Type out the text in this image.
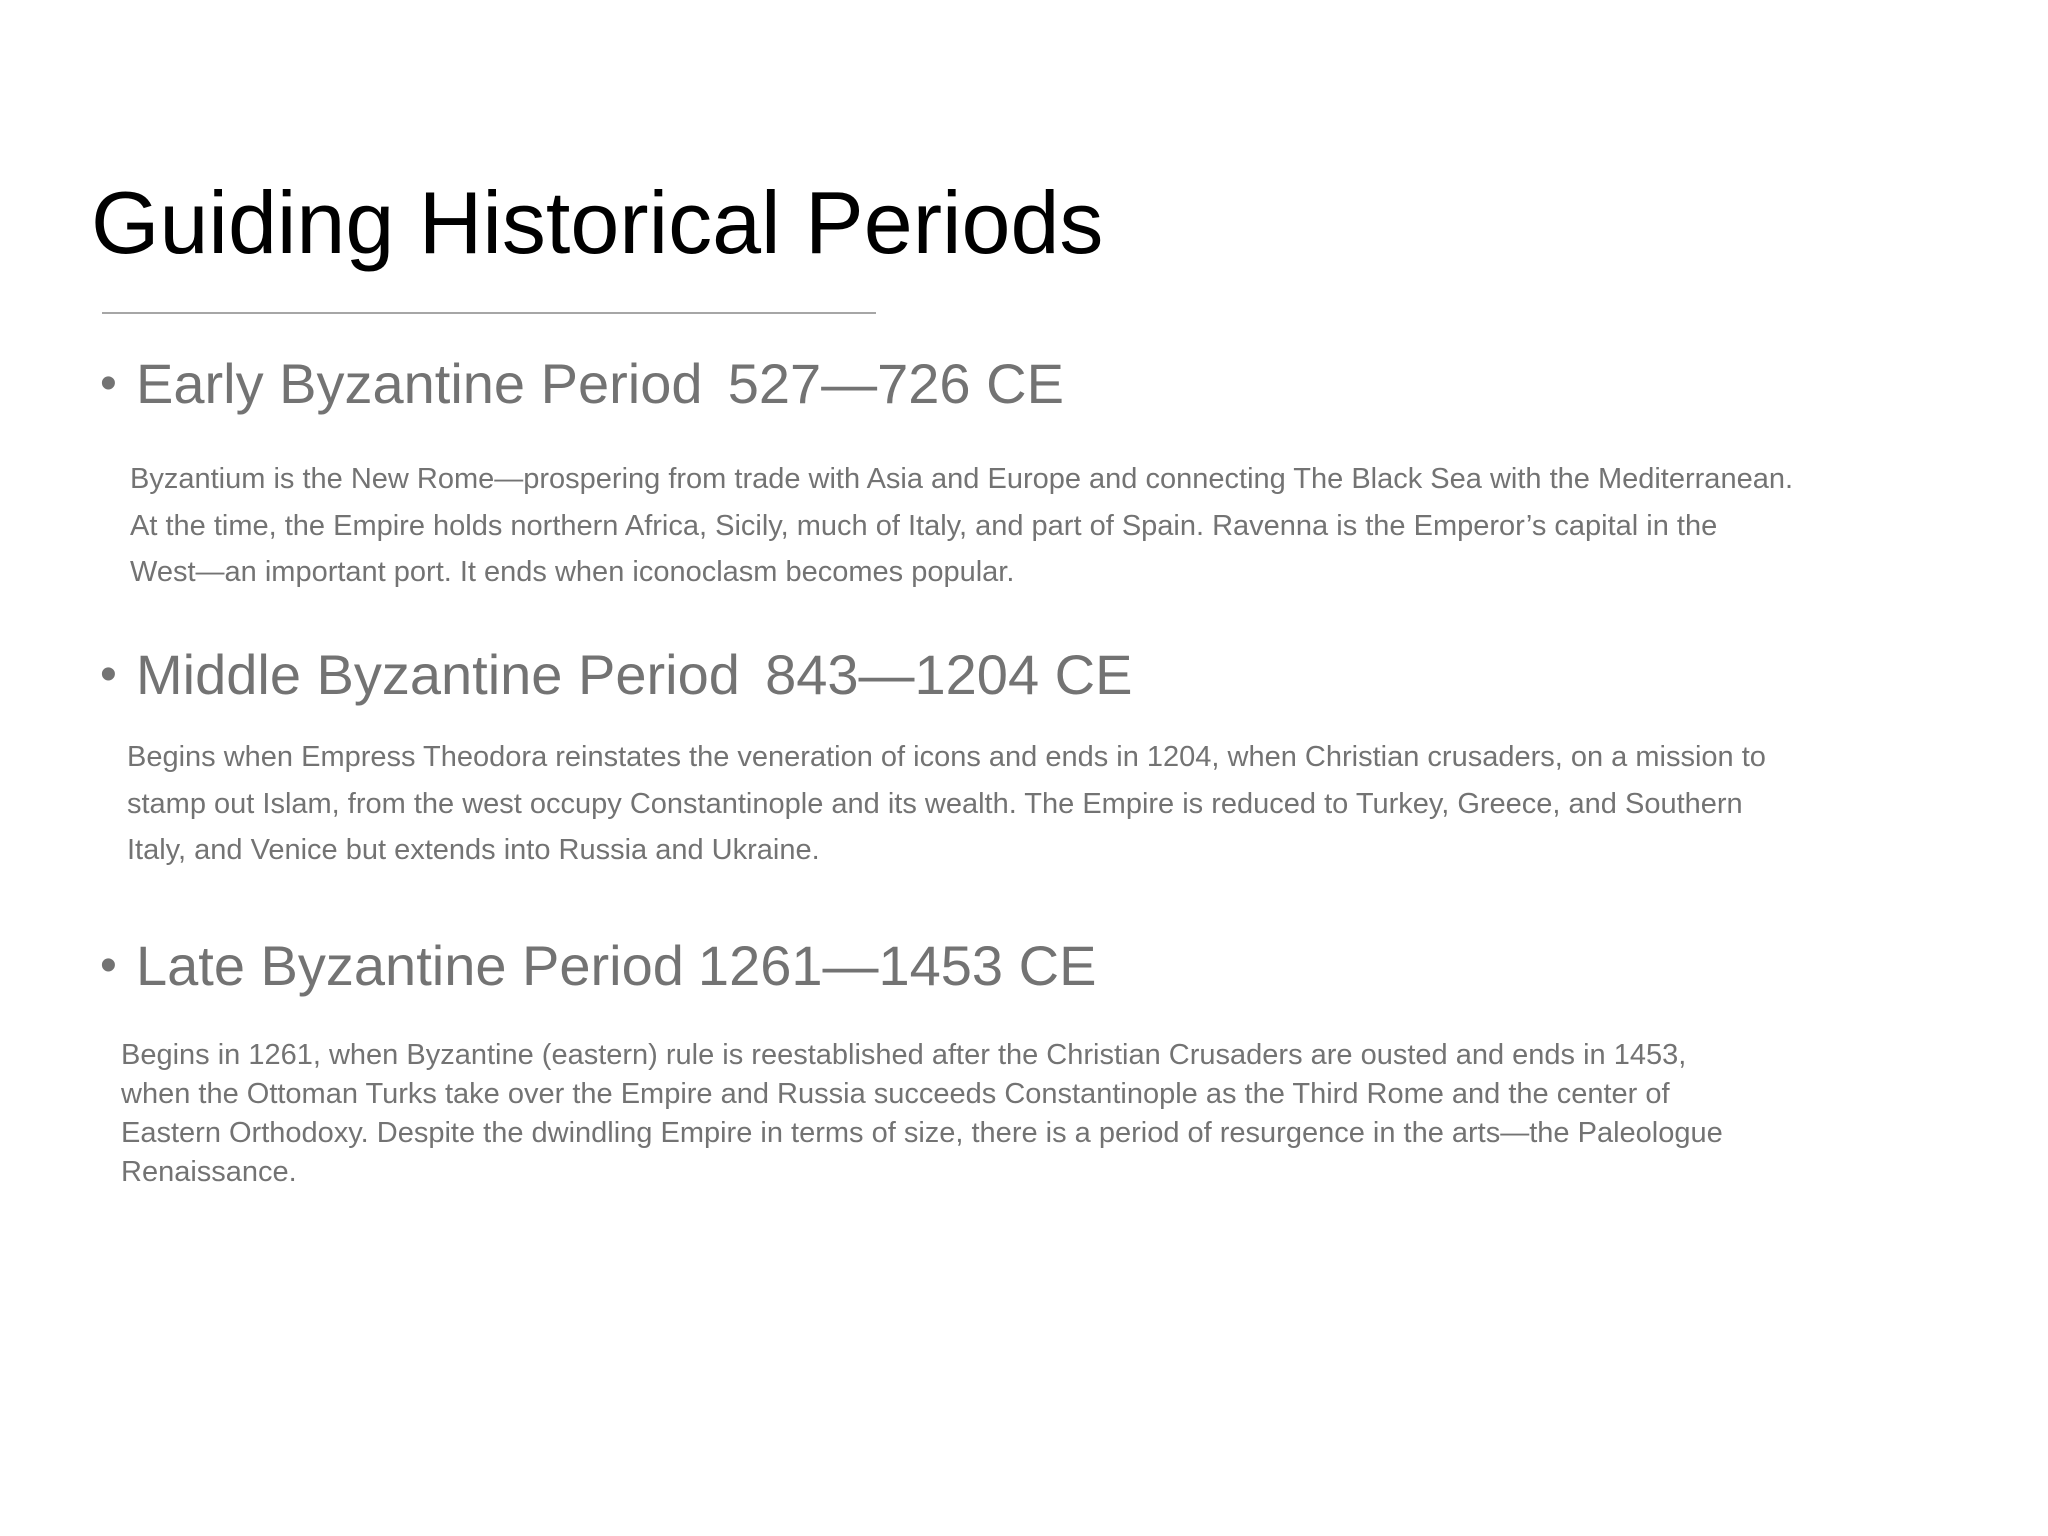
Guiding Historical Periods
• Early Byzantine Period 527—726 CE

Byzantium is the New Rome—prospering from trade with Asia and Europe and connecting The Black Sea with the Mediterranean.
At the time, the Empire holds northern Africa, Sicily, much of Italy, and part of Spain. Ravenna is the Emperor’s capital in the
West—an important port. It ends when iconoclasm becomes popular.

• Middle Byzantine Period 843—1204 CE

Begins when Empress Theodora reinstates the veneration of icons and ends in 1204, when Christian crusaders, on a mission to
stamp out Islam, from the west occupy Constantinople and its wealth. The Empire is reduced to Turkey, Greece, and Southern
Italy, and Venice but extends into Russia and Ukraine.

• Late Byzantine Period 1261—1453 CE

Begins in 1261, when Byzantine (eastern) rule is reestablished after the Christian Crusaders are ousted and ends in 1453,
when the Ottoman Turks take over the Empire and Russia succeeds Constantinople as the Third Rome and the center of
Eastern Orthodoxy. Despite the dwindling Empire in terms of size, there is a period of resurgence in the arts—the Paleologue
Renaissance.
